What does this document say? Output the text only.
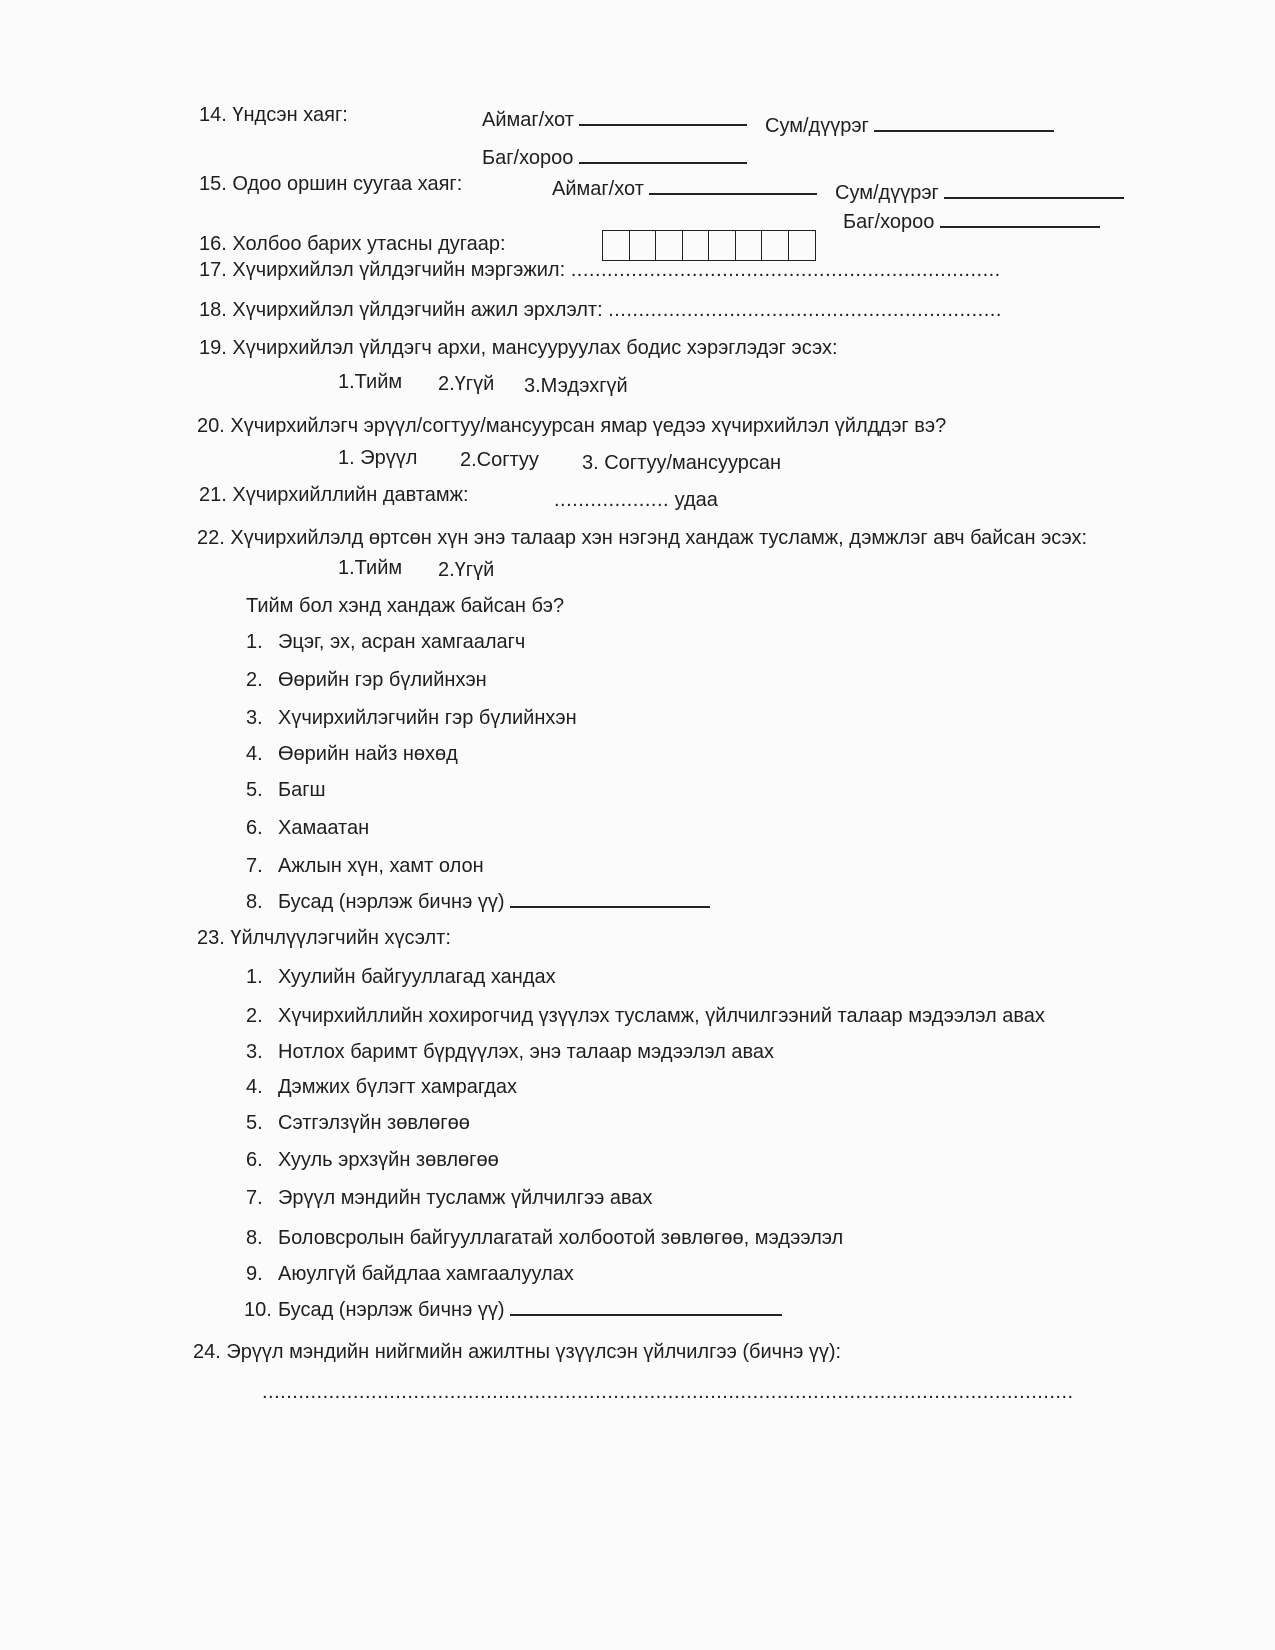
14. Үндсэн хаяг:	Аймаг/хот	Сум/дүүрэг
Баг/хороо
15. Одоо оршин суугаа хаяг:	Аймаг/хот	Сум/дүүрэг
Баг/хороо
16. Холбоо барих утасны дугаар:
17. Хүчирхийлэл үйлдэгчийн мэргэжил: .......................................................................
18. Хүчирхийлэл үйлдэгчийн ажил эрхлэлт: .................................................................
19. Хүчирхийлэл үйлдэгч архи, мансууруулах бодис хэрэглэдэг эсэх:
1.Тийм 2.Үгүй 3.Мэдэхгүй
20. Хүчирхийлэгч эрүүл/согтуу/мансуурсан ямар үедээ хүчирхийлэл үйлддэг вэ?
1. Эрүүл 2.Согтуу 3. Согтуу/мансуурсан
21. Хүчирхийллийн давтамж:	................... удаа
22. Хүчирхийлэлд өртсөн хүн энэ талаар хэн нэгэнд хандаж тусламж, дэмжлэг авч байсан эсэх:
1.Тийм 2.Үгүй
Тийм бол хэнд хандаж байсан бэ?
1. Эцэг, эх, асран хамгаалагч
2. Өөрийн гэр бүлийнхэн
3. Хүчирхийлэгчийн гэр бүлийнхэн
4. Өөрийн найз нөхөд
5. Багш
6. Хамаатан
7. Ажлын хүн, хамт олон
8. Бусад (нэрлэж бичнэ үү)
23. Үйлчлүүлэгчийн хүсэлт:
1. Хуулийн байгууллагад хандах
2. Хүчирхийллийн хохирогчид үзүүлэх тусламж, үйлчилгээний талаар мэдээлэл авах
3. Нотлох баримт бүрдүүлэх, энэ талаар мэдээлэл авах
4. Дэмжих бүлэгт хамрагдах
5. Сэтгэлзүйн зөвлөгөө
6. Хууль эрхзүйн зөвлөгөө
7. Эрүүл мэндийн тусламж үйлчилгээ авах
8. Боловсролын байгууллагатай холбоотой зөвлөгөө, мэдээлэл
9. Аюулгүй байдлаа хамгаалуулах
10. Бусад (нэрлэж бичнэ үү)
24. Эрүүл мэндийн нийгмийн ажилтны үзүүлсэн үйлчилгээ (бичнэ үү):
......................................................................................................................................
